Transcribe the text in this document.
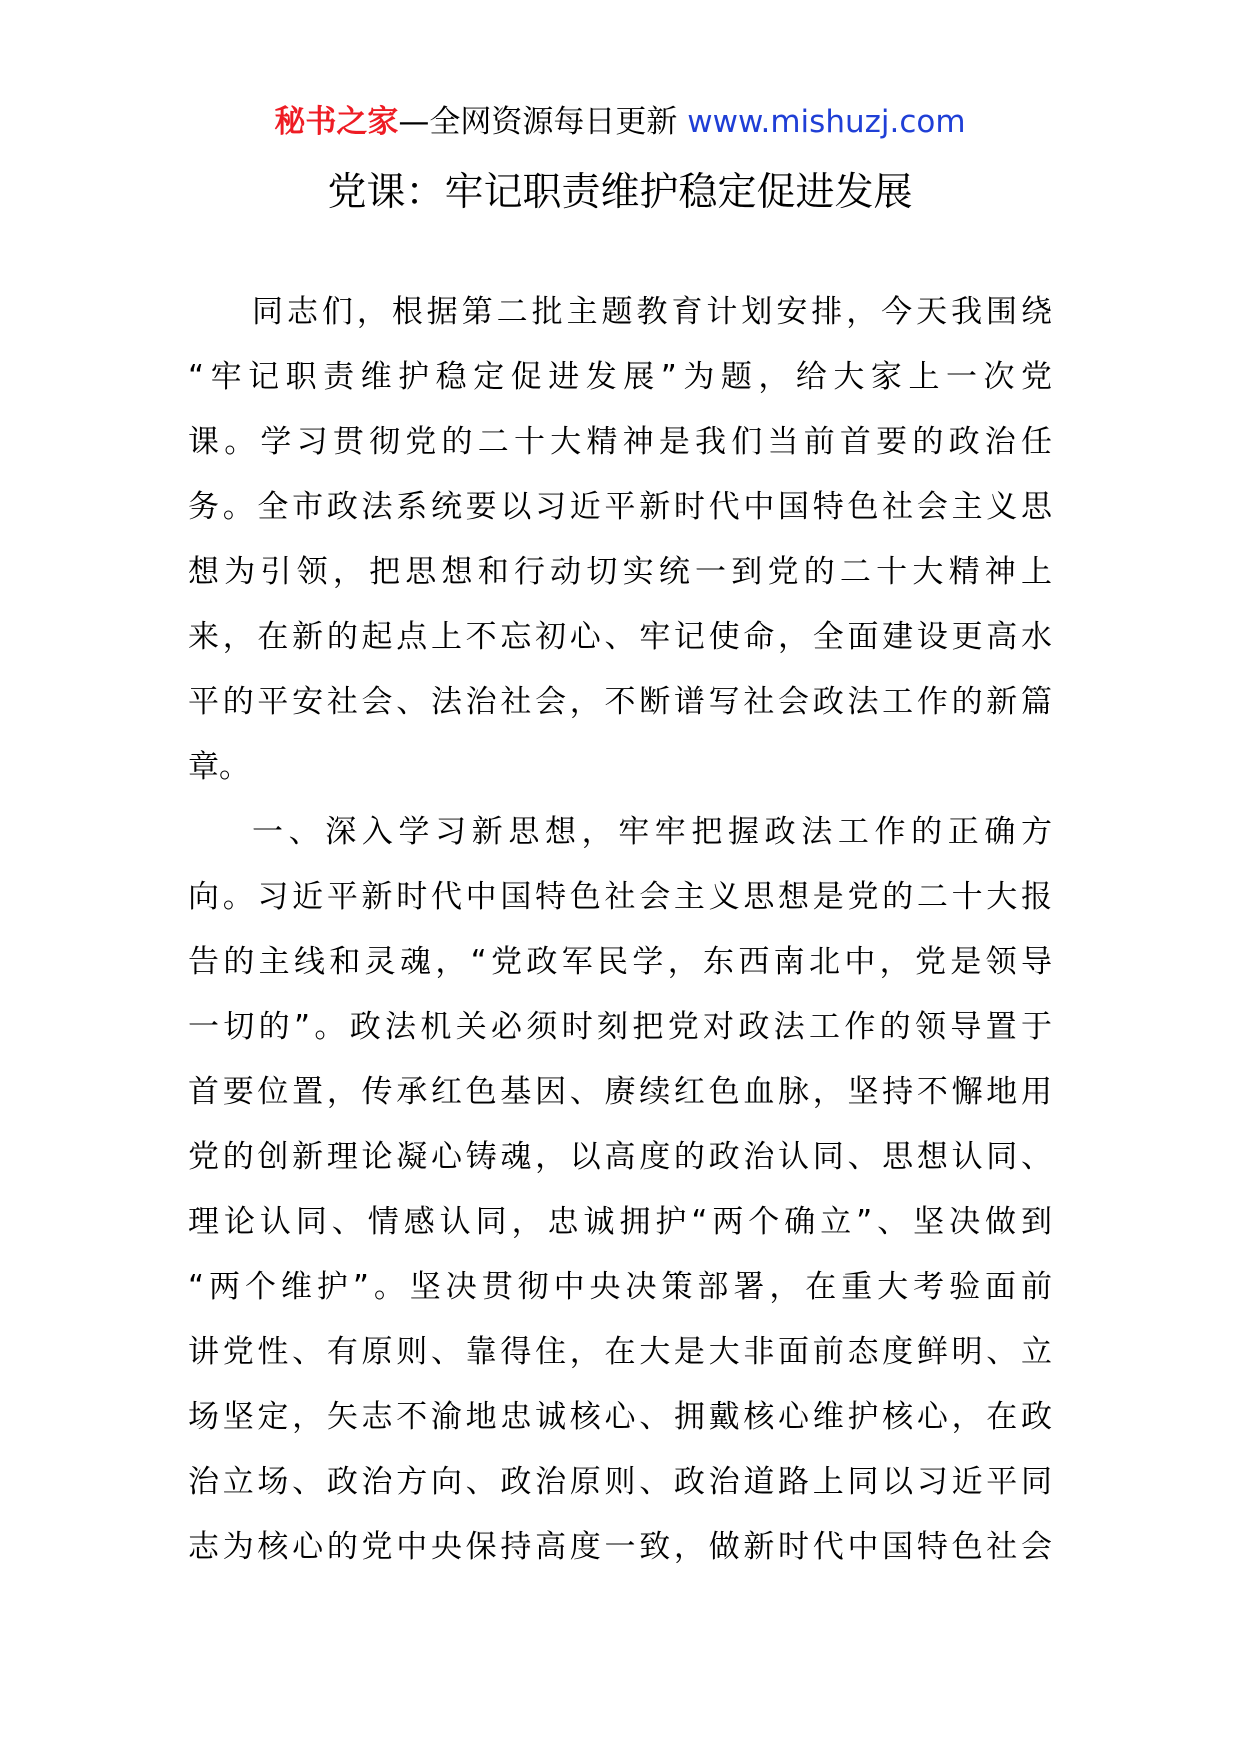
秘书之家—全网资源每日更新 www.mishuzj.com
党课：牢记职责维护稳定促进发展
同志们，根据第二批主题教育计划安排，今天我围绕
“牢记职责维护稳定促进发展”为题，给大家上一次党
课。学习贯彻党的二十大精神是我们当前首要的政治任
务。全市政法系统要以习近平新时代中国特色社会主义思
想为引领，把思想和行动切实统一到党的二十大精神上
来，在新的起点上不忘初心、牢记使命，全面建设更高水
平的平安社会、法治社会，不断谱写社会政法工作的新篇
章。
一、深入学习新思想，牢牢把握政法工作的正确方
向。习近平新时代中国特色社会主义思想是党的二十大报
告的主线和灵魂，“党政军民学，东西南北中，党是领导
一切的”。政法机关必须时刻把党对政法工作的领导置于
首要位置，传承红色基因、赓续红色血脉，坚持不懈地用
党的创新理论凝心铸魂，以高度的政治认同、思想认同、
理论认同、情感认同，忠诚拥护“两个确立”、坚决做到
“两个维护”。坚决贯彻中央决策部署，在重大考验面前
讲党性、有原则、靠得住，在大是大非面前态度鲜明、立
场坚定，矢志不渝地忠诚核心、拥戴核心维护核心，在政
治立场、政治方向、政治原则、政治道路上同以习近平同
志为核心的党中央保持高度一致，做新时代中国特色社会
